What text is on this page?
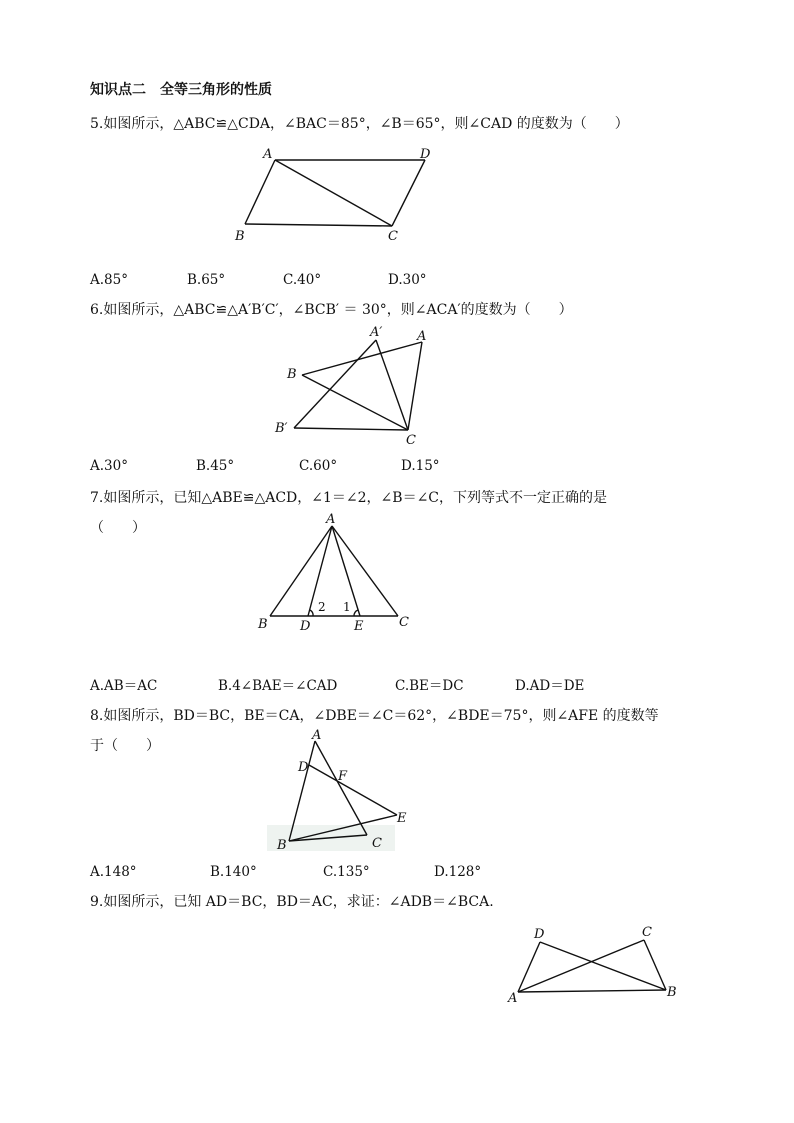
知识点二　全等三角形的性质
5.如图所示，△ABC≌△CDA，∠BAC＝85°，∠B＝65°，则∠CAD 的度数为（　　）
A	D
B	C
A.85°	B.65°	C.40°	D.30°
6.如图所示，△ABC≌△A′B′C′，∠BCB′ ＝ 30°，则∠ACA′的度数为（　　）
A′	A
B
B′
C
A.30°	B.45°	C.60°	D.15°
7.如图所示，已知△ABE≌△ACD，∠1＝∠2，∠B＝∠C，下列等式不一定正确的是
（　　）
A
B D	E	C
2 1
A.AB＝AC	B.4∠BAE＝∠CAD	C.BE＝DC	D.AD＝DE
8.如图所示，BD＝BC，BE＝CA，∠DBE＝∠C＝62°，∠BDE＝75°，则∠AFE 的度数等
于（　　）
A
D
F
E
B	C
A.148°	B.140°	C.135°	D.128°
9.如图所示，已知 AD＝BC，BD＝AC，求证：∠ADB＝∠BCA.
D	C
A	B
